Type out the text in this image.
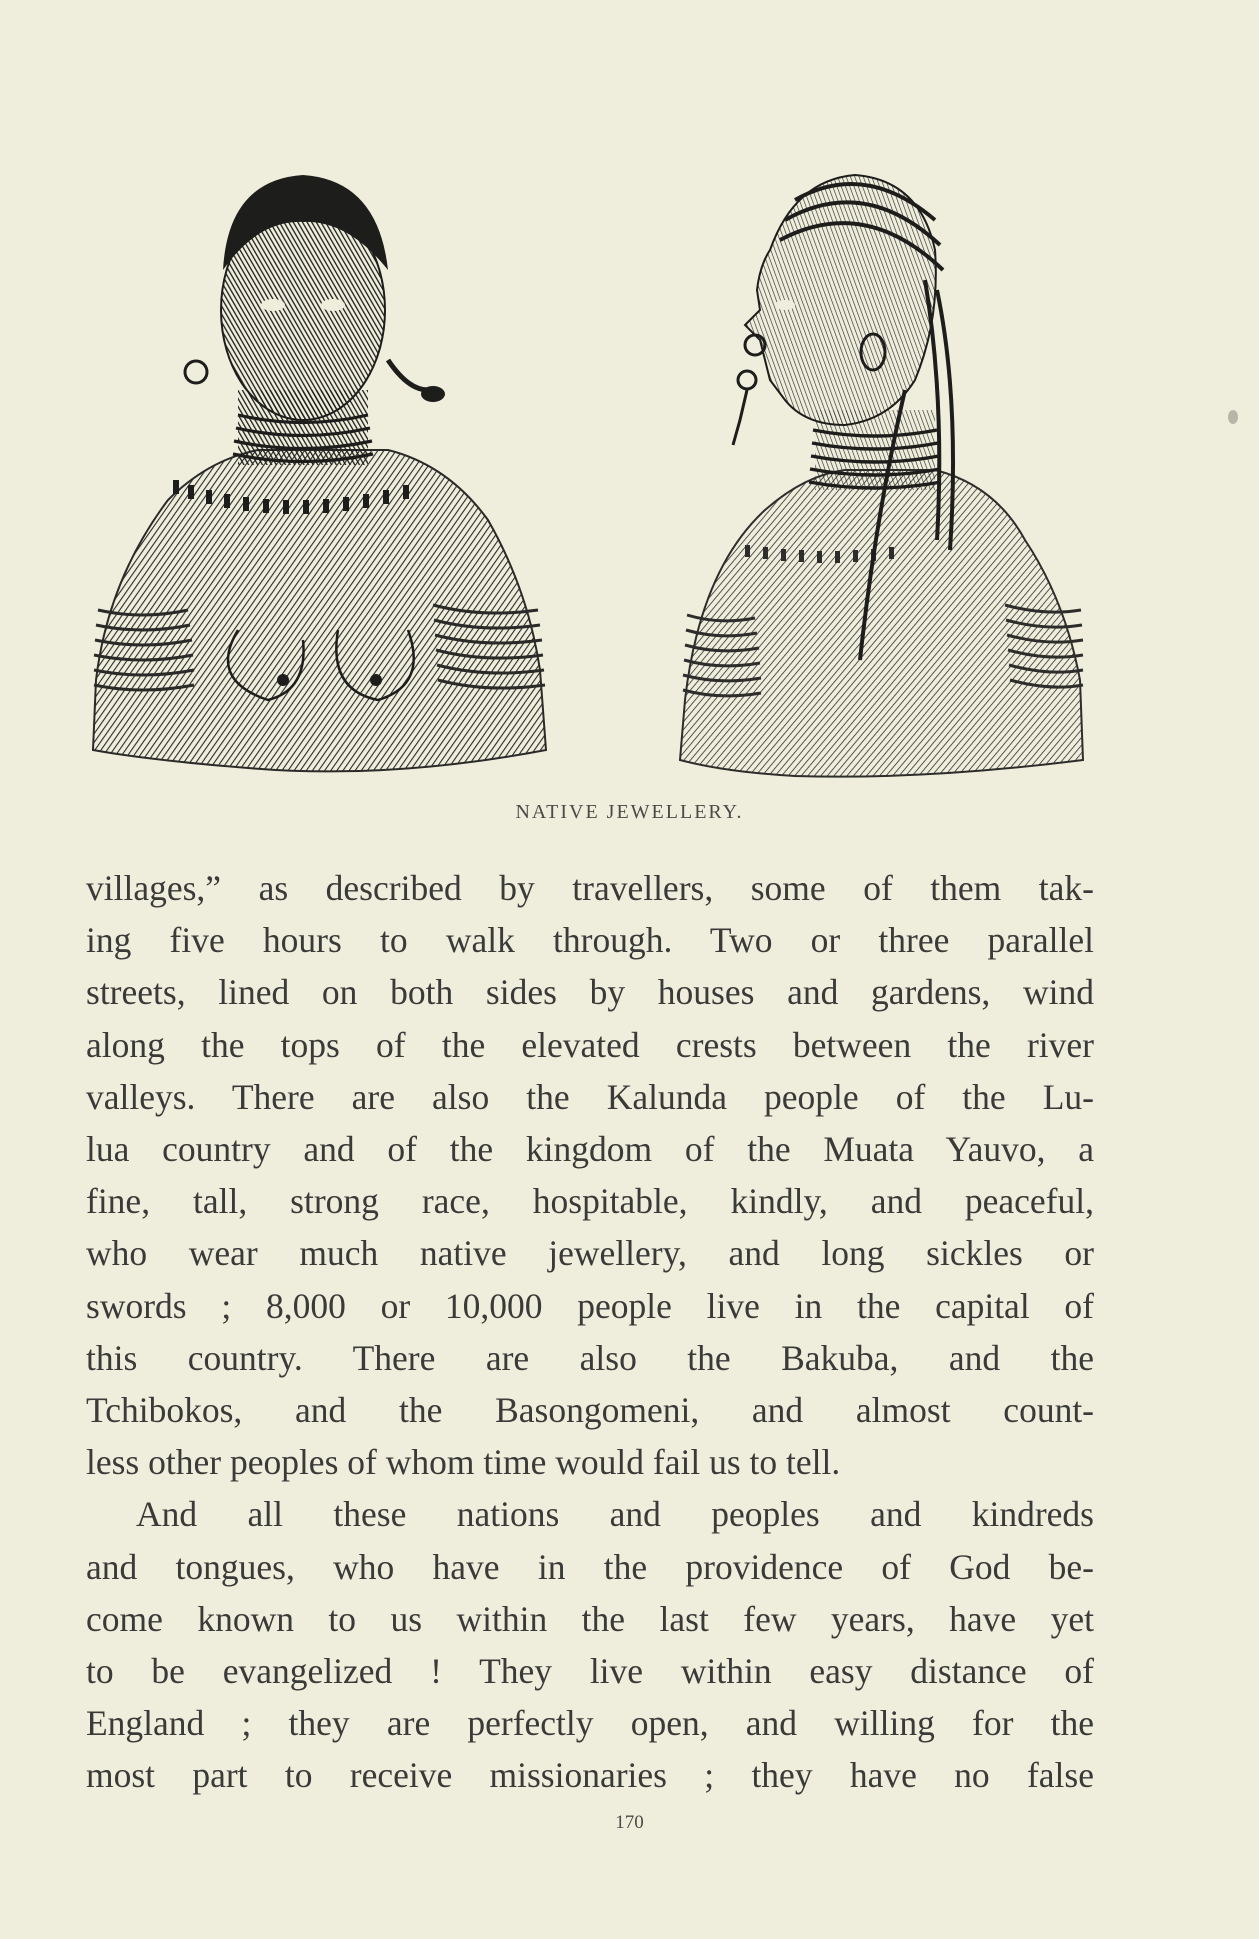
NATIVE JEWELLERY.
villages,” as described by travellers, some of them tak-
ing five hours to walk through. Two or three parallel
streets, lined on both sides by houses and gardens, wind
along the tops of the elevated crests between the river
valleys. There are also the Kalunda people of the Lu-
lua country and of the kingdom of the Muata Yauvo, a
fine, tall, strong race, hospitable, kindly, and peaceful,
who wear much native jewellery, and long sickles or
swords ; 8,000 or 10,000 people live in the capital of
this country. There are also the Bakuba, and the
Tchibokos, and the Basongomeni, and almost count-
less other peoples of whom time would fail us to tell.
And all these nations and peoples and kindreds
and tongues, who have in the providence of God be-
come known to us within the last few years, have yet
to be evangelized ! They live within easy distance of
England ; they are perfectly open, and willing for the
most part to receive missionaries ; they have no false
170
